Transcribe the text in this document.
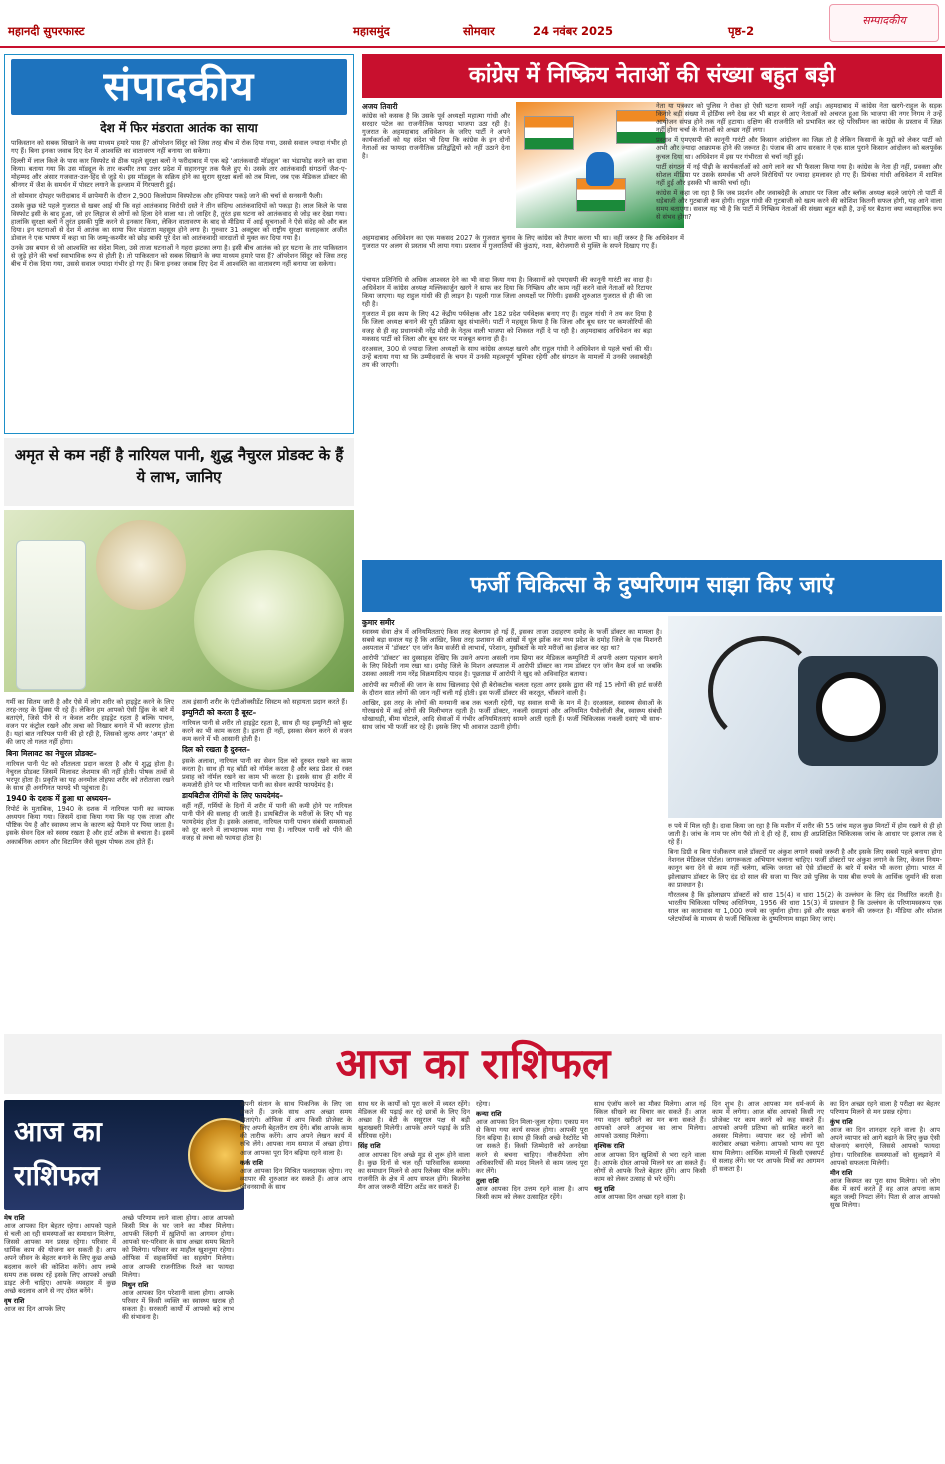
महानदी सुपरफास्ट	महासमुंद	सोमवार	24 नवंबर 2025	पृष्ठ-2
सम्पादकीय
संपादकीय
देश में फिर मंडराता आतंक का साया

पाकिस्तान को सबक सिखाने के क्या माध्यम हमारे पास हैं? ऑपरेशन सिंदूर को जिस तरह बीच में रोक दिया गया, उससे सवाल ज्यादा गंभीर हो गए हैं। बिना इनका जवाब दिए देश में आश्वस्ति का वातावरण नहीं बनाया जा सकेगा।

दिल्ली में लाल किले के पास कार विस्फोट से ठीक पहले सुरक्षा बलों ने फरीदाबाद में एक बड़े ‘आतंकवादी मॉड्यूल’ का भंडाफोड़ करने का दावा किया। बताया गया कि उस मॉड्यूल के तार कश्मीर तथा उत्तर प्रदेश में सहारनपुर तक फैले हुए थे। उसके तार आतंकवादी संगठनों जैश-ए-मोहम्मद और अंसार गजवात-उल-हिंद से जुड़े थे। इस मॉड्यूल के सक्रिय होने का सुराग सुरक्षा बलों को तब मिला, जब एक मेडिकल डॉक्टर की श्रीनगर में जैश के समर्थन में पोस्टर लगाने के इल्जाम में गिरफ्तारी हुई।

तो सोमवार दोपहर फरीदाबाद में छापेमारी के दौरान 2,900 किलोग्राम विस्फोटक और हथियार पकड़े जाने की चर्चा से सनसनी फैली।

उसके कुछ घंटे पहले गुजरात से खबर आई थी कि वहां आतंकवाद विरोधी दस्ते ने तीन संदिग्ध आतंकवादियों को पकड़ा है। लाल किले के पास विस्फोट इसी के बाद हुआ, जो हर लिहाज से लोगों को हिला देने वाला था। तो जाहिर है, तुरंत इस घटना को आतंकवाद से जोड़ कर देखा गया। हालांकि सुरक्षा बलों ने तुरंत इसकी पुष्टि करने से इनकार किया, लेकिन वातावरण के बाद से मीडिया में आई सूचनाओं ने ऐसे संदेह को और बल दिया। इन घटनाओं से देश में आतंक का साया फिर मंडराता महसूस होने लगा है। गुरुवार 31 अक्टूबर को राष्ट्रीय सुरक्षा सलाहकार अजीत डोवाल ने एक भाषण में कहा था कि जम्मू-कश्मीर को छोड़ बाकी पूरे देश को आतंकवादी वारदातों से मुक्त कर दिया गया है।

उनके उस बयान से जो आश्वस्ति का संदेश मिला, उसे ताजा घटनाओं ने गहरा झटका लगा है। इसी बीच आतंक को हर घटना के तार पाकिस्तान से जुड़े होने की चर्चा स्वाभाविक रूप से होती है। तो पाकिस्तान को सबक सिखाने के क्या माध्यम हमारे पास हैं? ऑपरेशन सिंदूर को जिस तरह बीच में रोक दिया गया, उससे सवाल ज्यादा गंभीर हो गए हैं। बिना इनका जवाब दिए देश में आश्वस्ति का वातावरण नहीं बनाया जा सकेगा।

अमृत से कम नहीं है नारियल पानी, शुद्ध नैचुरल प्रोडक्ट के हैं ये लाभ, जानिए

गर्मी का सितम जारी है और ऐसे में लोग शरीर को हाइड्रेट करने के लिए तरह-तरह के ड्रिंक्स पी रहे हैं। लेकिन हम आपको ऐसी ड्रिंक के बारे में बताएंगे, जिसे पीने से न केवल शरीर हाइड्रेट रहता है बल्कि पाचन, वजन पर कंट्रोल रखने और त्वचा को निखार बनाने में भी कारगर होता है। यहां बात नारियल पानी की हो रही है, जिसको लुत्फ अगर ‘अमृत’ से की जाए तो गलत नहीं होगा।

बिना मिलावट का नेचुरल प्रोडक्ट–

नारियल पानी पेट को शीतलता प्रदान करता है और ये शुद्ध होता है। नेचुरल प्रोडक्ट जिसमें मिलावट लेशमात्र की नहीं होती। पोषक तत्वों से भरपूर होता है। प्रकृति का यह अनमोल तोहफा शरीर को तरोताजा रखने के साथ ही अनगिनत फायदे भी पहुंचाता है।

1940 के दशक में हुआ था अध्ययन–

रिपोर्ट के मुताबिक, 1940 के दशक में नारियल पानी का व्यापक अध्ययन किया गया। जिसमें दावा किया गया कि यह एक ताजा और पौष्टिक पेय है और स्वास्थ्य लाभ के कारण बड़े पैमाने पर पिया जाता है। इसके सेवन दिल को स्वस्थ रखता है और हार्ट अटैक से बचाता है। इसमें अकार्बनिक आयन और विटामिन जैसे सूक्ष्म पोषक तत्व होते हैं।

तत्व इंसानी शरीर के एंटीऑक्सीडेंट सिस्टम को सहायता प्रदान करते हैं।

इम्युनिटी को करता है बूस्ट–

नारियल पानी से शरीर तो हाइड्रेट रहता है, साथ ही यह इम्युनिटी को बूस्ट करने का भी काम करता है। इतना ही नहीं, इसका सेवन करने से वजन कम करने में भी आसानी होती है।

दिल को रखता है दुरुस्त–

इसके अलावा, नारियल पानी का सेवन दिल को दुरुस्त रखने का काम करता है। साथ ही यह बॉडी को नॉर्मल करता है और ब्लड प्रेशर से रक्त प्रवाह को नॉर्मल रखने का काम भी करता है। इसके साथ ही शरीर में कमजोरी होने पर भी नारियल पानी का सेवन काफी फायदेमंद है।

डायबिटीज रोगियों के लिए फायदेमंद–

वहीं नहीं, गर्मियों के दिनों में शरीर में पानी की कमी होने पर नारियल पानी पीने की सलाह दी जाती है। डायबिटीज के मरीजों के लिए भी यह फायदेमंद होता है। इसके अलावा, नारियल पानी पाचन संबंधी समस्याओं को दूर करने में लाभदायक माना गया है। नारियल पानी को पीने की वजह से त्वचा को फायदा होता है।

कांग्रेस में निष्क्रिय नेताओं की संख्या बहुत बड़ी
अजय तिवारी

कांग्रेस को कसक है कि उसके पूर्व अध्यक्षों महात्मा गांधी और सरदार पटेल का राजनीतिक फायदा भाजपा उठा रही है। गुजरात के अहमदाबाद अधिवेशन के जरिए पार्टी ने अपने कार्यकर्ताओं को यह संदेश भी दिया कि कांग्रेस के इन दोनों नेताओं का फायदा राजनीतिक प्रतिद्वंद्वियों को नहीं उठाने देना है।

अहमदाबाद अधिवेशन का एक मकसद 2027 के गुजरात चुनाव के लिए कांग्रेस को तैयार करना भी था। वहीं जरूर है कि अधिवेशन में गुजरात पर अलग से प्रस्ताव भी लाया गया। प्रस्ताव में गुजरातियों की कुंठाएं, नशा, बेरोजगारी से मुक्ति के सपने दिखाए गए हैं।

पंचायत प्रतिनिधि से अधिक आश्वस्त देने का भी वादा किया गया है। किसानों को एमएसपी की कानूनी गारंटी का वादा है। अधिवेशन में कांग्रेस अध्यक्ष मल्लिकार्जुन खरगे ने साफ कर दिया कि निष्क्रिय और काम नहीं करने वाले नेताओं को रिटायर किया जाएगा। यह राहुल गांधी की ही लाइन है। पहली गाज जिला अध्यक्षों पर गिरेगी। इसकी शुरुआत गुजरात से ही की जा रही है।

गुजरात में इस काम के लिए 42 केंद्रीय पर्यवेक्षक और 182 प्रदेश पर्यवेक्षक बनाए गए हैं। राहुल गांधी ने तय कर दिया है कि जिला अध्यक्ष बनाने की पूरी प्रक्रिया खुद संभालेंगे। पार्टी ने महसूस किया है कि जिला और बूथ स्तर पर कमजोरियों की वजह से ही वह प्रधानमंत्री नरेंद्र मोदी के नेतृत्व वाली भाजपा को शिकस्त नहीं दे पा रही है। अहमदाबाद अधिवेशन का बड़ा मकसद पार्टी को जिला और बूथ स्तर पर मजबूत बनाना ही है।

दरअसल, 300 से ज्यादा जिला अध्यक्षों के साथ कांग्रेस अध्यक्ष खरगे और राहुल गांधी ने अधिवेशन से पहले चर्चा की थी। उन्हें बताया गया था कि उम्मीदवारों के चयन में उनकी महत्वपूर्ण भूमिका रहेगी और संगठन के मामलों में उनकी जवाबदेही तय की जाएगी।

नेता या पत्रकार को पुलिस ने रोका हो ऐसी घटना सामने नहीं आई। अहमदाबाद में कांग्रेस नेता खरगे-राहुल के सड़क किनारे बड़ी संख्या में होर्डिंग्स लगे देख कर भी बाहर से आए नेताओं को अचरज हुआ कि भाजपा की नगर निगम ने उन्हें आयोजन संपन्न होने तक नहीं हटाया। दक्षिण की राजनीति को प्रभावित कर रहे परिसीमन का कांग्रेस के प्रस्ताव में जिक्र नहीं होना चर्चा के नेताओं को अच्छा नहीं लगा।

प्रस्ताव में एमएसपी की कानूनी गारंटी और किसान आंदोलन का जिक्र तो है लेकिन किसानों के मुद्दों को लेकर पार्टी को अभी और ज्यादा आक्रामक होने की जरूरत है। पंजाब की आप सरकार ने एक साल पुराने किसान आंदोलन को बलपूर्वक कुचल दिया था। अधिवेशन में इस पर गंभीरता से चर्चा नहीं हुई।

पार्टी संगठन में नई पीढ़ी के कार्यकर्ताओं को आगे लाने का भी फैसला किया गया है। कांग्रेस के नेता ही नहीं, प्रवक्ता और सोशल मीडिया पर उसके समर्थक भी अपने विरोधियों पर ज्यादा हमलावर हो गए हैं। प्रियंका गांधी अधिवेशन में शामिल नहीं हुईं और इसकी भी काफी चर्चा रही।

कांग्रेस में कहा जा रहा है कि जब प्रदर्शन और जवाबदेही के आधार पर जिला और ब्लॉक अध्यक्ष बदले जाएंगे तो पार्टी में धड़ेबाजी और गुटबाजी कम होगी। राहुल गांधी की गुटबाजी को खत्म करने की कोशिश कितनी सफल होगी, यह आने वाला समय बताएगा। सवाल यह भी है कि पार्टी में निष्क्रिय नेताओं की संख्या बहुत बड़ी है, उन्हें घर बैठाना क्या व्यावहारिक रूप से संभव होगा?

फर्जी चिकित्सा के दुष्परिणाम साझा किए जाएं
कुमार समीर

स्वास्थ्य सेवा क्षेत्र में अनियमितताएं किस तरह बेलगाम हो गई हैं, इसका ताजा उदाहरण दमोह के फर्जी डॉक्टर का मामला है। सबसे बड़ा सवाल यह है कि आखिर, किस तरह प्रशासन की आंखों में धूल झोंक कर मध्य प्रदेश के दमोह जिले के एक मिशनरी अस्पताल में ‘डॉक्टर’ एन जॉन कैम सर्जरी से लाभार्थ, परेशान, मुसीबतों के मारे मरीजों का ईलाज कर रहा था?

आरोपी ‘डॉक्टर’ का दुस्साहस देखिए कि उसने अपना असली नाम छिपा कर मेडिकल कम्युनिटी में अपनी अलग पहचान बनाने के लिए विदेशी नाम रखा था। दमोह जिले के मिशन अस्पताल में आरोपी डॉक्टर का नाम डॉक्टर एन जॉन कैम दर्ज था जबकि उसका असली नाम नरेंद्र विक्रमादित्य यादव है। पूछताछ में आरोपी ने खुद को अविवाहित बताया।

आरोपी का मरीजों की जान के साथ खिलवाड़ ऐसे ही बेरोकटोक चलता रहता अगर इसके द्वारा की गई 15 लोगों की हार्ट सर्जरी के दौरान सात लोगों की जान नहीं चली गई होती। इस फर्जी डॉक्टर की करतूत, चौंकाने वाली है।

आखिर, इस तरह के लोगों की मनमानी कब तक चलती रहेगी, यह सवाल सभी के मन में है। दरअसल, स्वास्थ्य सेवाओं के गोरखधंधे में कई लोगों की मिलीभगत रहती है। फर्जी डॉक्टर, नकली दवाइयां और अनियमित पैथोलॉजी लैब, स्वास्थ्य संबंधी धोखाधड़ी, बीमा घोटाले, आदि सेवाओं में गंभीर अनियमितताएं सामने आती रहती हैं। फर्जी चिकित्सक नकली दवाएं भी साथ-साथ जांच भी फर्जी कर रहे हैं। इसके लिए भी आवाज उठानी होगी।

रु पये में मिल रही है। दावा किया जा रहा है कि मशीन में शरीर की 55 जांच महज कुछ मिनटों में होम रखने से ही हो जाती है। जांच के नाम पर लोग पैसे तो दे ही रहे हैं, साथ ही अप्रशिक्षित चिकित्सक जांच के आधार पर इलाज तक दे रहे हैं।

बिना डिग्री व बिना पंजीकरण वाले डॉक्टरों पर अंकुश लगाने सबसे जरूरी है और इसके लिए सबसे पहले बनाया होगा नेशनल मेडिकल पोर्टल। जागरूकता अभियान चलाना चाहिए। फर्जी डॉक्टरों पर अंकुश लगाने के लिए, केवल नियम-कानून बना देने से काम नहीं चलेगा, बल्कि जनता को ऐसे डॉक्टरों के बारे में सचेत भी करना होगा। भारत में झोलाछाप डॉक्टर के लिए दंड दो साल की सजा या फिर उसे पुलिस के पास बीस रुपये के आर्थिक जुर्माने की सजा का प्रावधान है।

गौरतलब है कि झोलाछाप डॉक्टरों को धारा 15(4) व धारा 15(2) के उल्लंघन के लिए दंड निर्धारित करती है। भारतीय चिकित्सा परिषद अधिनियम, 1956 की धारा 15(3) में प्रावधान है कि उल्लंघन के परिणामस्वरूप एक साल का कारावास या 1,000 रुपये का जुर्माना होगा। इसे और सख्त बनाने की जरूरत है। मीडिया और सोशल प्लेटफॉर्म्स के माध्यम से फर्जी चिकित्सा के दुष्परिणाम साझा किए जाएं।

आज का राशिफल
आज का
राशिफल
मेष राशि

आज आपका दिन बेहतर रहेगा। आपको पहले से चली आ रही समस्याओं का समाधान मिलेगा, जिससे आपका मन प्रसन्न रहेगा। परिवार में धार्मिक काम की योजना बन सकती है। आप अपने जीवन के बेहतर बनाने के लिए कुछ अच्छे बदलाव करने की कोशिश करेंगे। आप लम्बे समय तक स्वस्थ रहें इसके लिए आपको अच्छी डाइट लेनी चाहिए। आपके व्यवहार में कुछ अच्छे बदलाव आने से नए दोस्त बनेंगे।

वृष राशि

आज का दिन आपके लिए

अच्छे परिणाम लाने वाला होगा। आज आपको किसी मित्र के घर जाने का मौका मिलेगा। आपकी जिंदगी में ख़ुशियों का आगमन होगा। आपको घर-परिवार के साथ अच्छा समय बिताने को मिलेगा। परिवार का माहौल खुशनुमा रहेगा। ऑफिस में सहकर्मियों का सहयोग मिलेगा। आज आपकी राजनीतिक रिश्ते का फायदा मिलेगा।

मिथुन राशि

आज आपका दिन परेशानी वाला होगा। आपके परिवार में किसी व्यक्ति का स्वास्थ्य खराब हो सकता है। सरकारी कार्यों में आपको बड़े लाभ की संभावना है।

अपनी संतान के साथ पिकनिक के लिए जा सकते हैं। उनके साथ आप अच्छा समय बिताएंगे। ऑफिस में आप किसी प्रोजेक्ट के लिए अपनी बेहतरीन राय देंगे। बॉस आपके काम की तारीफ करेंगे। आप अपने लेखन कार्य में रुचि लेंगे। आपका नाम समाज में अच्छा होगा। आज आपका पूरा दिन बढ़िया रहने वाला है।

कर्क राशि

आज आपका दिन मिश्रित फलदायक रहेगा। नए व्यापार की शुरुआत कर सकते हैं। आज आप जीवनसाथी के साथ

साथ घर के कार्यों को पूरा करने में व्यस्त रहेंगे। मेडिकल की पढ़ाई कर रहे छात्रों के लिए दिन अच्छा है। बेटी के ससुराल पक्ष से बड़ी खुशखबरी मिलेगी। आपके अपने पढ़ाई के प्रति सीरियस रहेंगे।

सिंह राशि

आज आपका दिन अच्छे मूड से शुरू होने वाला है। कुछ दिनों से चल रही पारिवारिक समस्या का समाधान मिलने से आप रिलेक्स फील करेंगे। राजनीति के क्षेत्र में आप सफल होंगे। बिजनेस मैन आज जरूरी मीटिंग अटेंड कर सकते हैं।

रहेगा।

कन्या राशि

आज आपका दिन मिला-जुला रहेगा। एकाग्र मन से किया गया कार्य सफल होगा। आपकी पूरा दिन बढ़िया है। साथ ही किसी अच्छे रेस्टोरेंट भी जा सकते हैं। किसी जिम्मेदारी को अनदेखा करने से बचना चाहिए। नौकरीपेशा लोग अधिकारियों की मदद मिलने से काम जल्द पूरा कर लेंगे।

तुला राशि

आज आपका दिन उत्तम रहने वाला है। आप किसी काम को लेकर उत्साहित रहेंगे।

साथ एंजॉय करने का मौका मिलेगा। आज नई स्किल सीखने का विचार कर सकते हैं। आज नया वाहन खरीदने का मन बना सकते हैं। आपको अपने अनुभव का लाभ मिलेगा। आपको उत्साह मिलेगा।

वृश्चिक राशि

आज आपका दिन खुशियों से भरा रहने वाला है। आपके दोस्त आपसे मिलने घर आ सकते हैं। लोगों से आपके रिश्ते बेहतर होंगे। आप किसी काम को लेकर उत्साह से भरे रहेंगे।

धनु राशि

आज आपका दिन अच्छा रहने वाला है।

दिन शुभ है। आज आपका मन धर्म-कर्म के काम में लगेगा। आज बॉस आपको किसी नए प्रोजेक्ट पर काम करने को कह सकते हैं। आपको अपनी प्रतिभा को साबित करने का अवसर मिलेगा। व्यापार कर रहे लोगों को कारोबार अच्छा चलेगा। आपको भाग्य का पूरा साथ मिलेगा। आर्थिक मामलों में किसी एक्सपर्ट से सलाह लेंगे। घर पर आपके मित्रों का आगमन हो सकता है।

का दिन अच्छा रहने वाला है परीक्षा का बेहतर परिणाम मिलने से मन प्रसन्न रहेगा।

कुंभ राशि

आज का दिन शानदार रहने वाला है। आप अपने व्यापार को आगे बढ़ाने के लिए कुछ ऐसी योजनाएं बनाएंगे, जिससे आपको फायदा होगा। पारिवारिक समस्याओं को सुलझाने में आपको सफलता मिलेगी।

मीन राशि

आज किस्मत का पूरा साथ मिलेगा। जो लोग बैंक में कार्य करते हैं वह आज अपना काम बहुत जल्दी निपटा लेंगे। पिता से आज आपको सुख मिलेगा।
